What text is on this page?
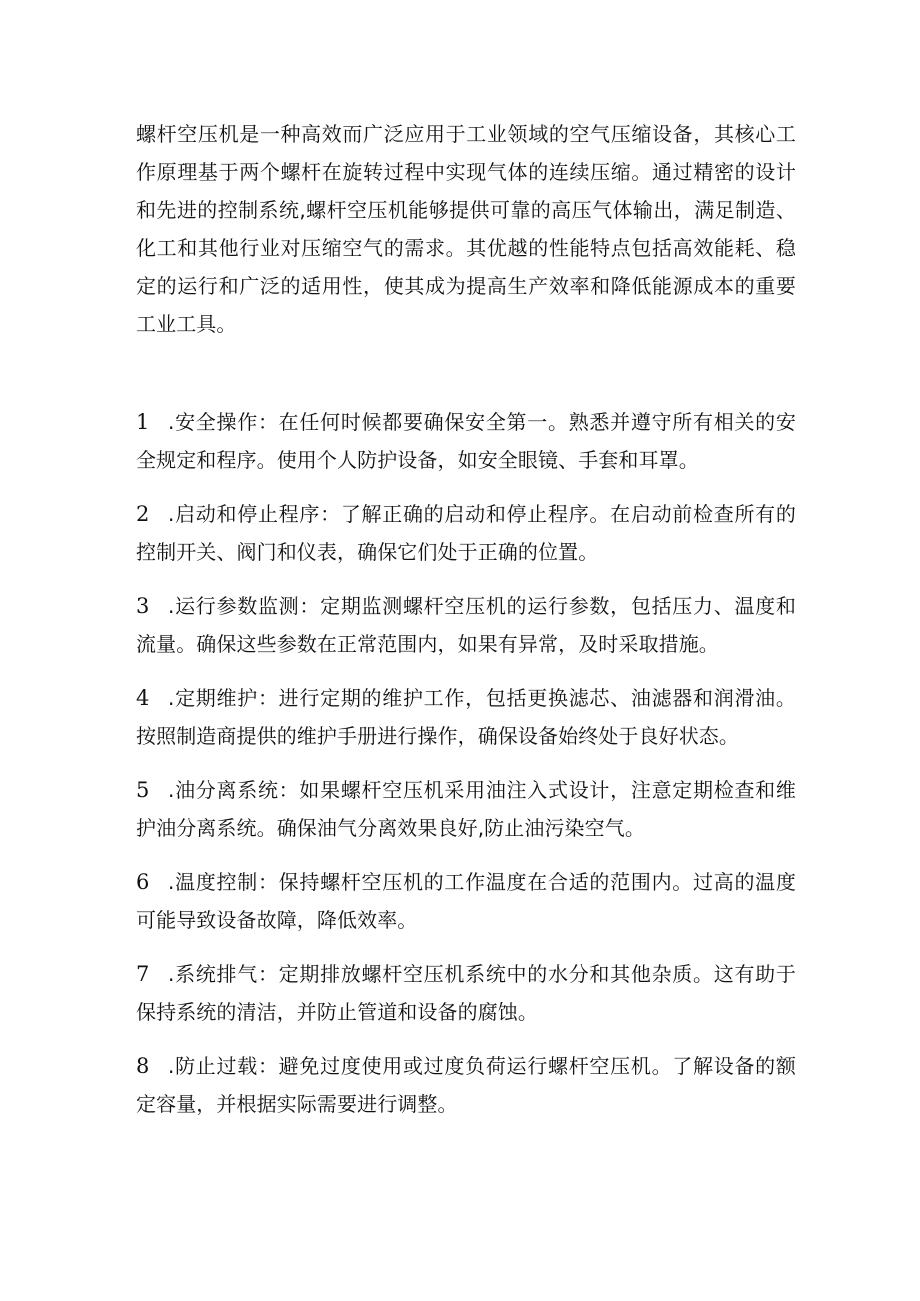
螺杆空压机是一种高效而广泛应用于工业领域的空气压缩设备，其核心工作原理基于两个螺杆在旋转过程中实现气体的连续压缩。通过精密的设计和先进的控制系统,螺杆空压机能够提供可靠的高压气体输出，满足制造、化工和其他行业对压缩空气的需求。其优越的性能特点包括高效能耗、稳定的运行和广泛的适用性，使其成为提高生产效率和降低能源成本的重要工业工具。

1 .安全操作：在任何时候都要确保安全第一。熟悉并遵守所有相关的安全规定和程序。使用个人防护设备，如安全眼镜、手套和耳罩。
2 .启动和停止程序：了解正确的启动和停止程序。在启动前检查所有的控制开关、阀门和仪表，确保它们处于正确的位置。
3 .运行参数监测：定期监测螺杆空压机的运行参数，包括压力、温度和流量。确保这些参数在正常范围内，如果有异常，及时采取措施。
4 .定期维护：进行定期的维护工作，包括更换滤芯、油滤器和润滑油。按照制造商提供的维护手册进行操作，确保设备始终处于良好状态。
5 .油分离系统：如果螺杆空压机采用油注入式设计，注意定期检查和维护油分离系统。确保油气分离效果良好,防止油污染空气。
6 .温度控制：保持螺杆空压机的工作温度在合适的范围内。过高的温度可能导致设备故障，降低效率。
7 .系统排气：定期排放螺杆空压机系统中的水分和其他杂质。这有助于保持系统的清洁，并防止管道和设备的腐蚀。
8 .防止过载：避免过度使用或过度负荷运行螺杆空压机。了解设备的额定容量，并根据实际需要进行调整。
